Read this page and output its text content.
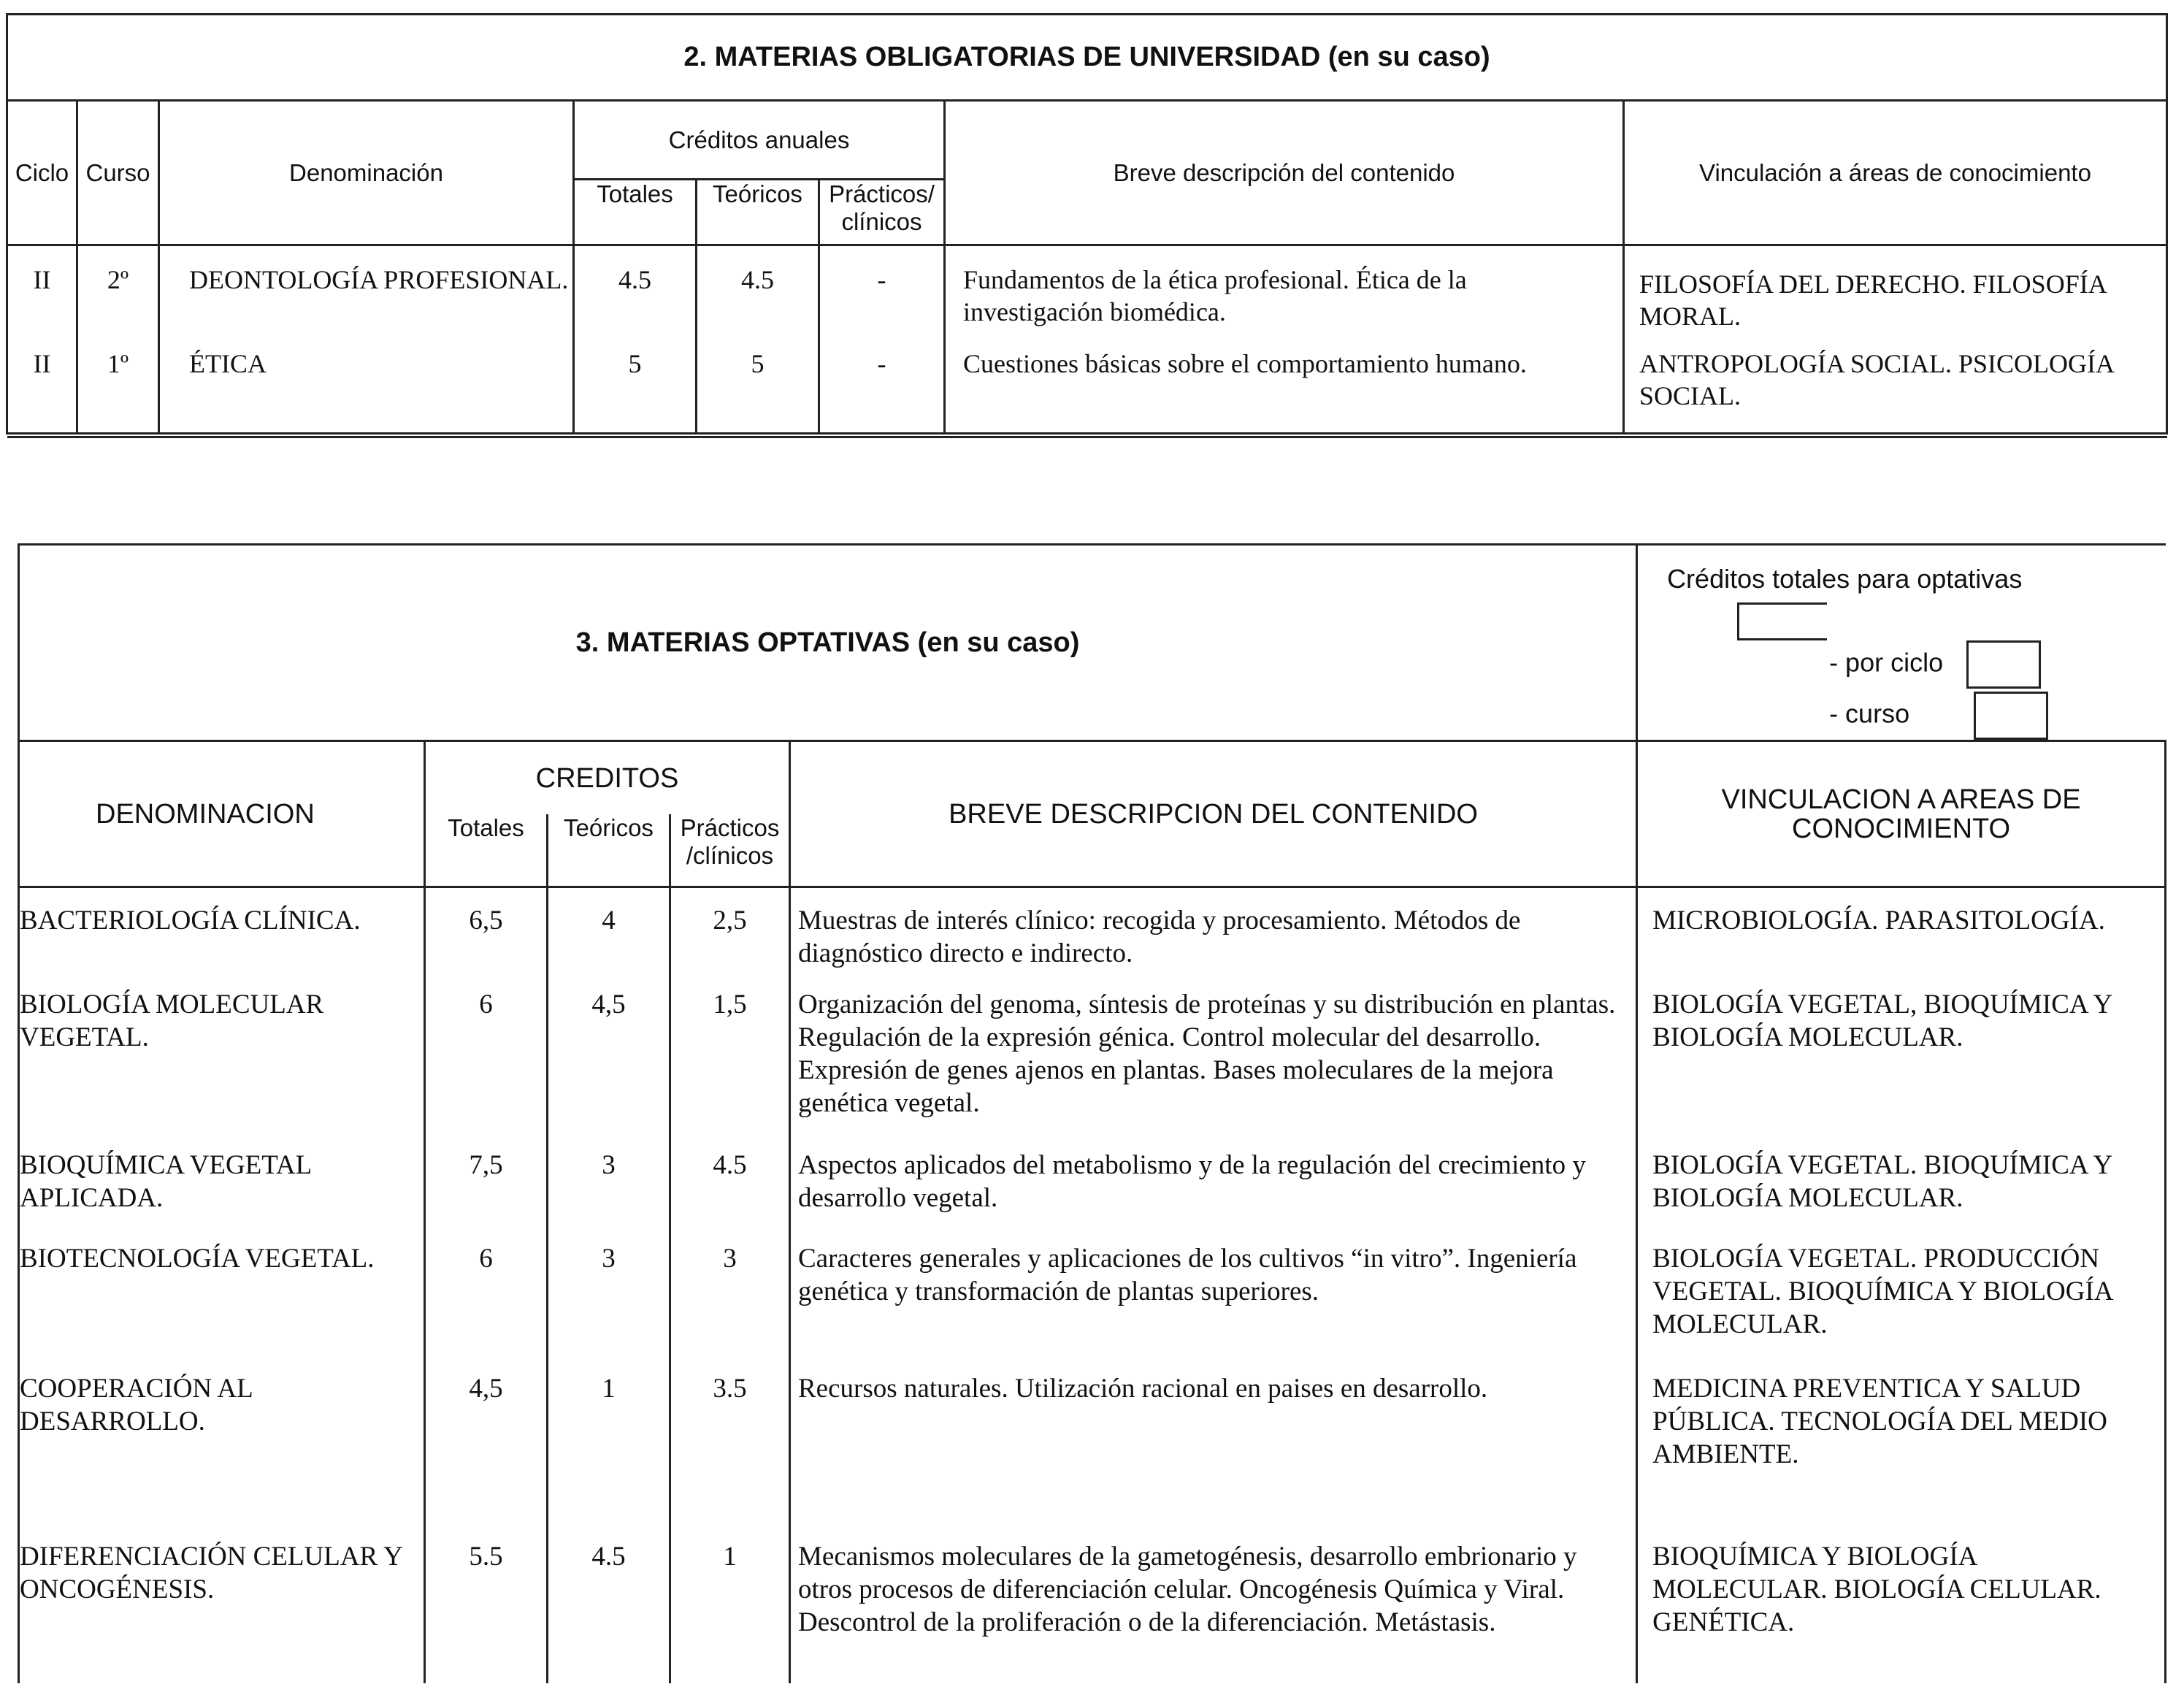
2. MATERIAS OBLIGATORIAS DE UNIVERSIDAD (en su caso)							
Ciclo	Curso	Denominación	Créditos anuales			Breve descripción del contenido	Vinculación a áreas de conocimiento
			Totales	Teóricos	Prácticos/ clínicos		
II	2º	DEONTOLOGÍA PROFESIONAL.	4.5	4.5	-	Fundamentos de la ética profesional. Ética de la investigación biomédica.	FILOSOFÍA DEL DERECHO. FILOSOFÍA MORAL.
II	1º	ÉTICA	5	5	-	Cuestiones básicas sobre el comportamiento humano.	ANTROPOLOGÍA SOCIAL. PSICOLOGÍA SOCIAL.

3. MATERIAS OPTATIVAS (en su caso)					Créditos totales para optativas
- por ciclo
- curso

DENOMINACION	CREDITOS			BREVE DESCRIPCION DEL CONTENIDO	VINCULACION A AREAS DE CONOCIMIENTO
	Totales	Teóricos	Prácticos /clínicos		
BACTERIOLOGÍA CLÍNICA.	6,5	4	2,5	Muestras de interés clínico: recogida y procesamiento. Métodos de diagnóstico directo e indirecto.	MICROBIOLOGÍA. PARASITOLOGÍA.
BIOLOGÍA MOLECULAR VEGETAL.	6	4,5	1,5	Organización del genoma, síntesis de proteínas y su distribución en plantas. Regulación de la expresión génica. Control molecular del desarrollo. Expresión de genes ajenos en plantas. Bases moleculares de la mejora genética vegetal.	BIOLOGÍA VEGETAL, BIOQUÍMICA Y BIOLOGÍA MOLECULAR.
BIOQUÍMICA VEGETAL APLICADA.	7,5	3	4.5	Aspectos aplicados del metabolismo y de la regulación del crecimiento y desarrollo vegetal.	BIOLOGÍA VEGETAL. BIOQUÍMICA Y BIOLOGÍA MOLECULAR.
BIOTECNOLOGÍA VEGETAL.	6	3	3	Caracteres generales y aplicaciones de los cultivos “in vitro”. Ingeniería genética y transformación de plantas superiores.	BIOLOGÍA VEGETAL. PRODUCCIÓN VEGETAL. BIOQUÍMICA Y BIOLOGÍA MOLECULAR.
COOPERACIÓN AL DESARROLLO.	4,5	1	3.5	Recursos naturales. Utilización racional en paises en desarrollo.	MEDICINA PREVENTICA Y SALUD PÚBLICA. TECNOLOGÍA DEL MEDIO AMBIENTE.
DIFERENCIACIÓN CELULAR Y ONCOGÉNESIS.	5.5	4.5	1	Mecanismos moleculares de la gametogénesis, desarrollo embrionario y otros procesos de diferenciación celular. Oncogénesis Química y Viral. Descontrol de la proliferación o de la diferenciación. Metástasis.	BIOQUÍMICA Y BIOLOGÍA MOLECULAR. BIOLOGÍA CELULAR. GENÉTICA.
